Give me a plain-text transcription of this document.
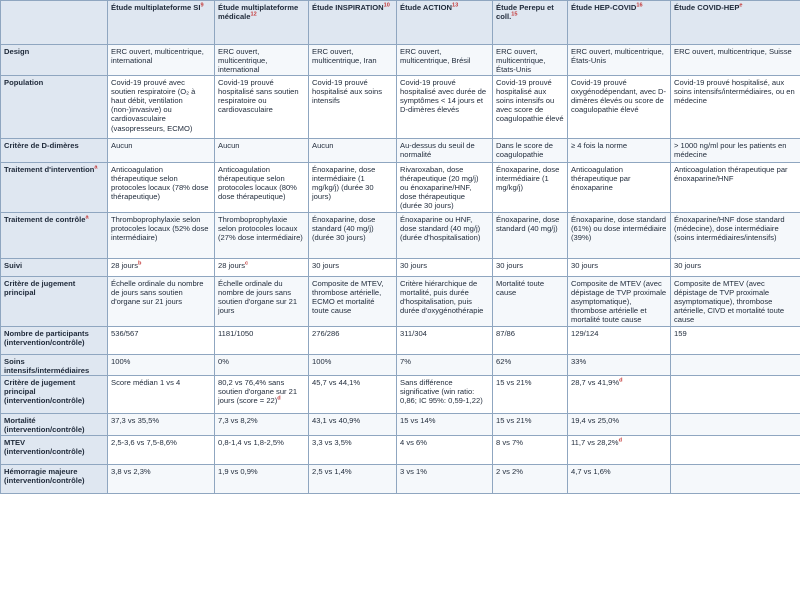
	Étude multiplateforme $SI^9$	Étude multiplateforme médicale$^{12}$	Étude INSPIRATION$^{10}$	Étude ACTION$^{13}$	Étude Perepu et coll.$^{15}$	Étude HEP-COVID$^{16}$	Étude COVID-HEP$^e$
Design	ERC ouvert, multicentrique, international	ERC ouvert, multicentrique, international	ERC ouvert, multicentrique, Iran	ERC ouvert, multicentrique, Brésil	ERC ouvert, multicentrique, États-Unis	ERC ouvert, multicentrique, États-Unis	ERC ouvert, multicentrique, Suisse
Population	Covid-19 prouvé avec soutien respiratoire (O₂ à haut débit, ventilation (non-)invasive) ou cardiovasculaire (vasopresseurs, ECMO)	Covid-19 prouvé hospitalisé sans soutien respiratoire ou cardiovasculaire	Covid-19 prouvé hospitalisé aux soins intensifs	Covid-19 prouvé hospitalisé avec durée de symptômes < 14 jours et D-dimères élevés	Covid-19 prouvé hospitalisé aux soins intensifs ou avec score de coagulopathie élevé	Covid-19 prouvé oxygénodépendant, avec D-dimères élevés ou score de coagulopathie élevé	Covid-19 prouvé hospitalisé, aux soins intensifs/intermédiaires, ou en médecine
Critère de D-dimères	Aucun	Aucun	Aucun	Au-dessus du seuil de normalité	Dans le score de coagulopathie	≥ 4 fois la norme	> 1000 ng/ml pour les patients en médecine
Traitement d'intervention$^a$	Anticoagulation thérapeutique selon protocoles locaux (78% dose thérapeutique)	Anticoagulation thérapeutique selon protocoles locaux (80% dose thérapeutique)	Énoxaparine, dose intermédiaire (1 mg/kg/j) (durée 30 jours)	Rivaroxaban, dose thérapeutique (20 mg/j) ou énoxaparine/HNF, dose thérapeutique (durée 30 jours)	Énoxaparine, dose intermédiaire (1 mg/kg/j)	Anticoagulation thérapeutique par énoxaparine	Anticoagulation thérapeutique par énoxaparine/HNF
Traitement de contrôle$^a$	Thromboprophylaxie selon protocoles locaux (52% dose intermédiaire)	Thromboprophylaxie selon protocoles locaux (27% dose intermédiaire)	Énoxaparine, dose standard (40 mg/j) (durée 30 jours)	Énoxaparine ou HNF, dose standard (40 mg/j) (durée d'hospitalisation)	Énoxaparine, dose standard (40 mg/j)	Énoxaparine, dose standard (61%) ou dose intermédiaire (39%)	Énoxaparine/HNF dose standard (médecine), dose intermédiaire (soins intermédiaires/intensifs)
Suivi	28 jours$^b$	28 jours$^c$	30 jours	30 jours	30 jours	30 jours	30 jours
Critère de jugement principal	Échelle ordinale du nombre de jours sans soutien d'organe sur 21 jours	Échelle ordinale du nombre de jours sans soutien d'organe sur 21 jours	Composite de MTEV, thrombose artérielle, ECMO et mortalité toute cause	Critère hiérarchique de mortalité, puis durée d'hospitalisation, puis durée d'oxygénothérapie	Mortalité toute cause	Composite de MTEV (avec dépistage de TVP proximale asymptomatique), thrombose artérielle et mortalité toute cause	Composite de MTEV (avec dépistage de TVP proximale asymptomatique), thrombose artérielle, CIVD et mortalité toute cause
Nombre de participants (intervention/contrôle)	536/567	1181/1050	276/286	311/304	87/86	129/124	159
Soins intensifs/intermédiaires	100%	0%	100%	7%	62%	33%	
Critère de jugement principal (intervention/contrôle)	Score médian 1 vs 4	80,2 vs 76,4% sans soutien d'organe sur 21 jours (score = 22)$^d$	45,7 vs 44,1%	Sans différence significative (win ratio: 0,86; IC 95%: 0,59-1,22)	15 vs 21%	28,7 vs 41,9%$^d$	
Mortalité (intervention/contrôle)	37,3 vs 35,5%	7,3 vs 8,2%	43,1 vs 40,9%	15 vs 14%	15 vs 21%	19,4 vs 25,0%	
MTEV (intervention/contrôle)	2,5-3,6 vs 7,5-8,6%	0,8-1,4 vs 1,8-2,5%	3,3 vs 3,5%	4 vs 6%	8 vs 7%	11,7 vs 28,2%$^d$	
Hémorragie majeure (intervention/contrôle)	3,8 vs 2,3%	1,9 vs 0,9%	2,5 vs 1,4%	3 vs 1%	2 vs 2%	4,7 vs 1,6%	
